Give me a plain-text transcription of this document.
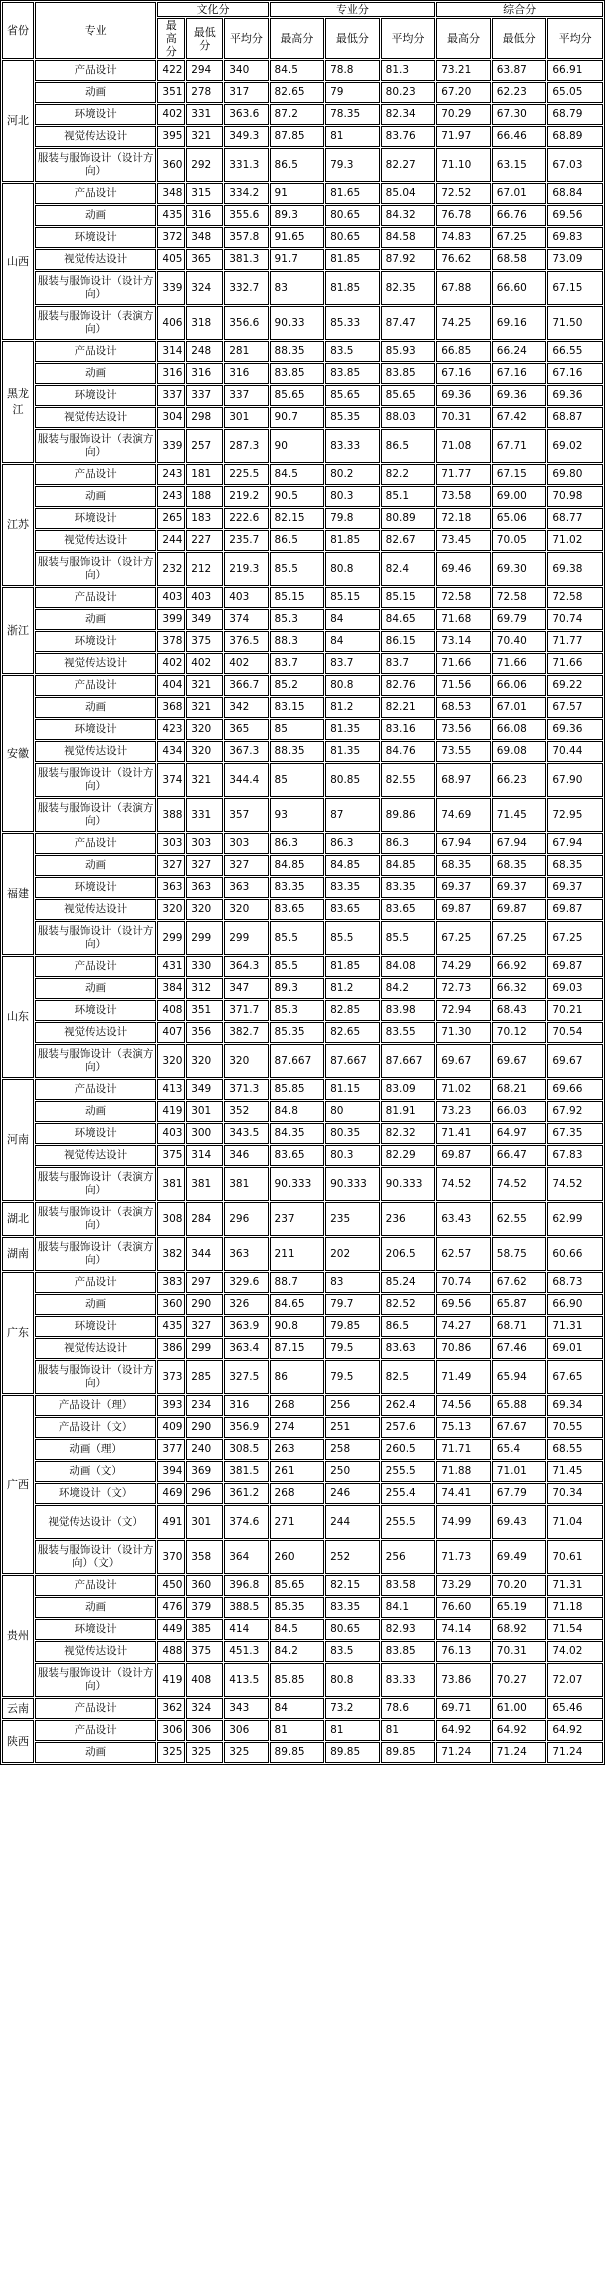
省份	专业	文化分			专业分			综合分		
		最高分	最低分	平均分	最高分	最低分	平均分	最高分	最低分	平均分
河北	产品设计	422	294	340	84.5	78.8	81.3	73.21	63.87	66.91
	动画	351	278	317	82.65	79	80.23	67.20	62.23	65.05
	环境设计	402	331	363.6	87.2	78.35	82.34	70.29	67.30	68.79
	视觉传达设计	395	321	349.3	87.85	81	83.76	71.97	66.46	68.89
	服装与服饰设计（设计方向）	360	292	331.3	86.5	79.3	82.27	71.10	63.15	67.03
山西	产品设计	348	315	334.2	91	81.65	85.04	72.52	67.01	68.84
	动画	435	316	355.6	89.3	80.65	84.32	76.78	66.76	69.56
	环境设计	372	348	357.8	91.65	80.65	84.58	74.83	67.25	69.83
	视觉传达设计	405	365	381.3	91.7	81.85	87.92	76.62	68.58	73.09
	服装与服饰设计（设计方向）	339	324	332.7	83	81.85	82.35	67.88	66.60	67.15
	服装与服饰设计（表演方向）	406	318	356.6	90.33	85.33	87.47	74.25	69.16	71.50
黑龙江	产品设计	314	248	281	88.35	83.5	85.93	66.85	66.24	66.55
	动画	316	316	316	83.85	83.85	83.85	67.16	67.16	67.16
	环境设计	337	337	337	85.65	85.65	85.65	69.36	69.36	69.36
	视觉传达设计	304	298	301	90.7	85.35	88.03	70.31	67.42	68.87
	服装与服饰设计（表演方向）	339	257	287.3	90	83.33	86.5	71.08	67.71	69.02
江苏	产品设计	243	181	225.5	84.5	80.2	82.2	71.77	67.15	69.80
	动画	243	188	219.2	90.5	80.3	85.1	73.58	69.00	70.98
	环境设计	265	183	222.6	82.15	79.8	80.89	72.18	65.06	68.77
	视觉传达设计	244	227	235.7	86.5	81.85	82.67	73.45	70.05	71.02
	服装与服饰设计（设计方向）	232	212	219.3	85.5	80.8	82.4	69.46	69.30	69.38
浙江	产品设计	403	403	403	85.15	85.15	85.15	72.58	72.58	72.58
	动画	399	349	374	85.3	84	84.65	71.68	69.79	70.74
	环境设计	378	375	376.5	88.3	84	86.15	73.14	70.40	71.77
	视觉传达设计	402	402	402	83.7	83.7	83.7	71.66	71.66	71.66
安徽	产品设计	404	321	366.7	85.2	80.8	82.76	71.56	66.06	69.22
	动画	368	321	342	83.15	81.2	82.21	68.53	67.01	67.57
	环境设计	423	320	365	85	81.35	83.16	73.56	66.08	69.36
	视觉传达设计	434	320	367.3	88.35	81.35	84.76	73.55	69.08	70.44
	服装与服饰设计（设计方向）	374	321	344.4	85	80.85	82.55	68.97	66.23	67.90
	服装与服饰设计（表演方向）	388	331	357	93	87	89.86	74.69	71.45	72.95
福建	产品设计	303	303	303	86.3	86.3	86.3	67.94	67.94	67.94
	动画	327	327	327	84.85	84.85	84.85	68.35	68.35	68.35
	环境设计	363	363	363	83.35	83.35	83.35	69.37	69.37	69.37
	视觉传达设计	320	320	320	83.65	83.65	83.65	69.87	69.87	69.87
	服装与服饰设计（设计方向）	299	299	299	85.5	85.5	85.5	67.25	67.25	67.25
山东	产品设计	431	330	364.3	85.5	81.85	84.08	74.29	66.92	69.87
	动画	384	312	347	89.3	81.2	84.2	72.73	66.32	69.03
	环境设计	408	351	371.7	85.3	82.85	83.98	72.94	68.43	70.21
	视觉传达设计	407	356	382.7	85.35	82.65	83.55	71.30	70.12	70.54
	服装与服饰设计（表演方向）	320	320	320	87.667	87.667	87.667	69.67	69.67	69.67
河南	产品设计	413	349	371.3	85.85	81.15	83.09	71.02	68.21	69.66
	动画	419	301	352	84.8	80	81.91	73.23	66.03	67.92
	环境设计	403	300	343.5	84.35	80.35	82.32	71.41	64.97	67.35
	视觉传达设计	375	314	346	83.65	80.3	82.29	69.87	66.47	67.83
	服装与服饰设计（表演方向）	381	381	381	90.333	90.333	90.333	74.52	74.52	74.52
湖北	服装与服饰设计（表演方向）	308	284	296	237	235	236	63.43	62.55	62.99
湖南	服装与服饰设计（表演方向）	382	344	363	211	202	206.5	62.57	58.75	60.66
广东	产品设计	383	297	329.6	88.7	83	85.24	70.74	67.62	68.73
	动画	360	290	326	84.65	79.7	82.52	69.56	65.87	66.90
	环境设计	435	327	363.9	90.8	79.85	86.5	74.27	68.71	71.31
	视觉传达设计	386	299	363.4	87.15	79.5	83.63	70.86	67.46	69.01
	服装与服饰设计（设计方向）	373	285	327.5	86	79.5	82.5	71.49	65.94	67.65
广西	产品设计（理）	393	234	316	268	256	262.4	74.56	65.88	69.34
	产品设计（文）	409	290	356.9	274	251	257.6	75.13	67.67	70.55
	动画（理）	377	240	308.5	263	258	260.5	71.71	65.4	68.55
	动画（文）	394	369	381.5	261	250	255.5	71.88	71.01	71.45
	环境设计（文）	469	296	361.2	268	246	255.4	74.41	67.79	70.34
	视觉传达设计（文）	491	301	374.6	271	244	255.5	74.99	69.43	71.04
	服装与服饰设计（设计方向）（文）	370	358	364	260	252	256	71.73	69.49	70.61
贵州	产品设计	450	360	396.8	85.65	82.15	83.58	73.29	70.20	71.31
	动画	476	379	388.5	85.35	83.35	84.1	76.60	65.19	71.18
	环境设计	449	385	414	84.5	80.65	82.93	74.14	68.92	71.54
	视觉传达设计	488	375	451.3	84.2	83.5	83.85	76.13	70.31	74.02
	服装与服饰设计（设计方向）	419	408	413.5	85.85	80.8	83.33	73.86	70.27	72.07
云南	产品设计	362	324	343	84	73.2	78.6	69.71	61.00	65.46
陕西	产品设计	306	306	306	81	81	81	64.92	64.92	64.92
	动画	325	325	325	89.85	89.85	89.85	71.24	71.24	71.24
